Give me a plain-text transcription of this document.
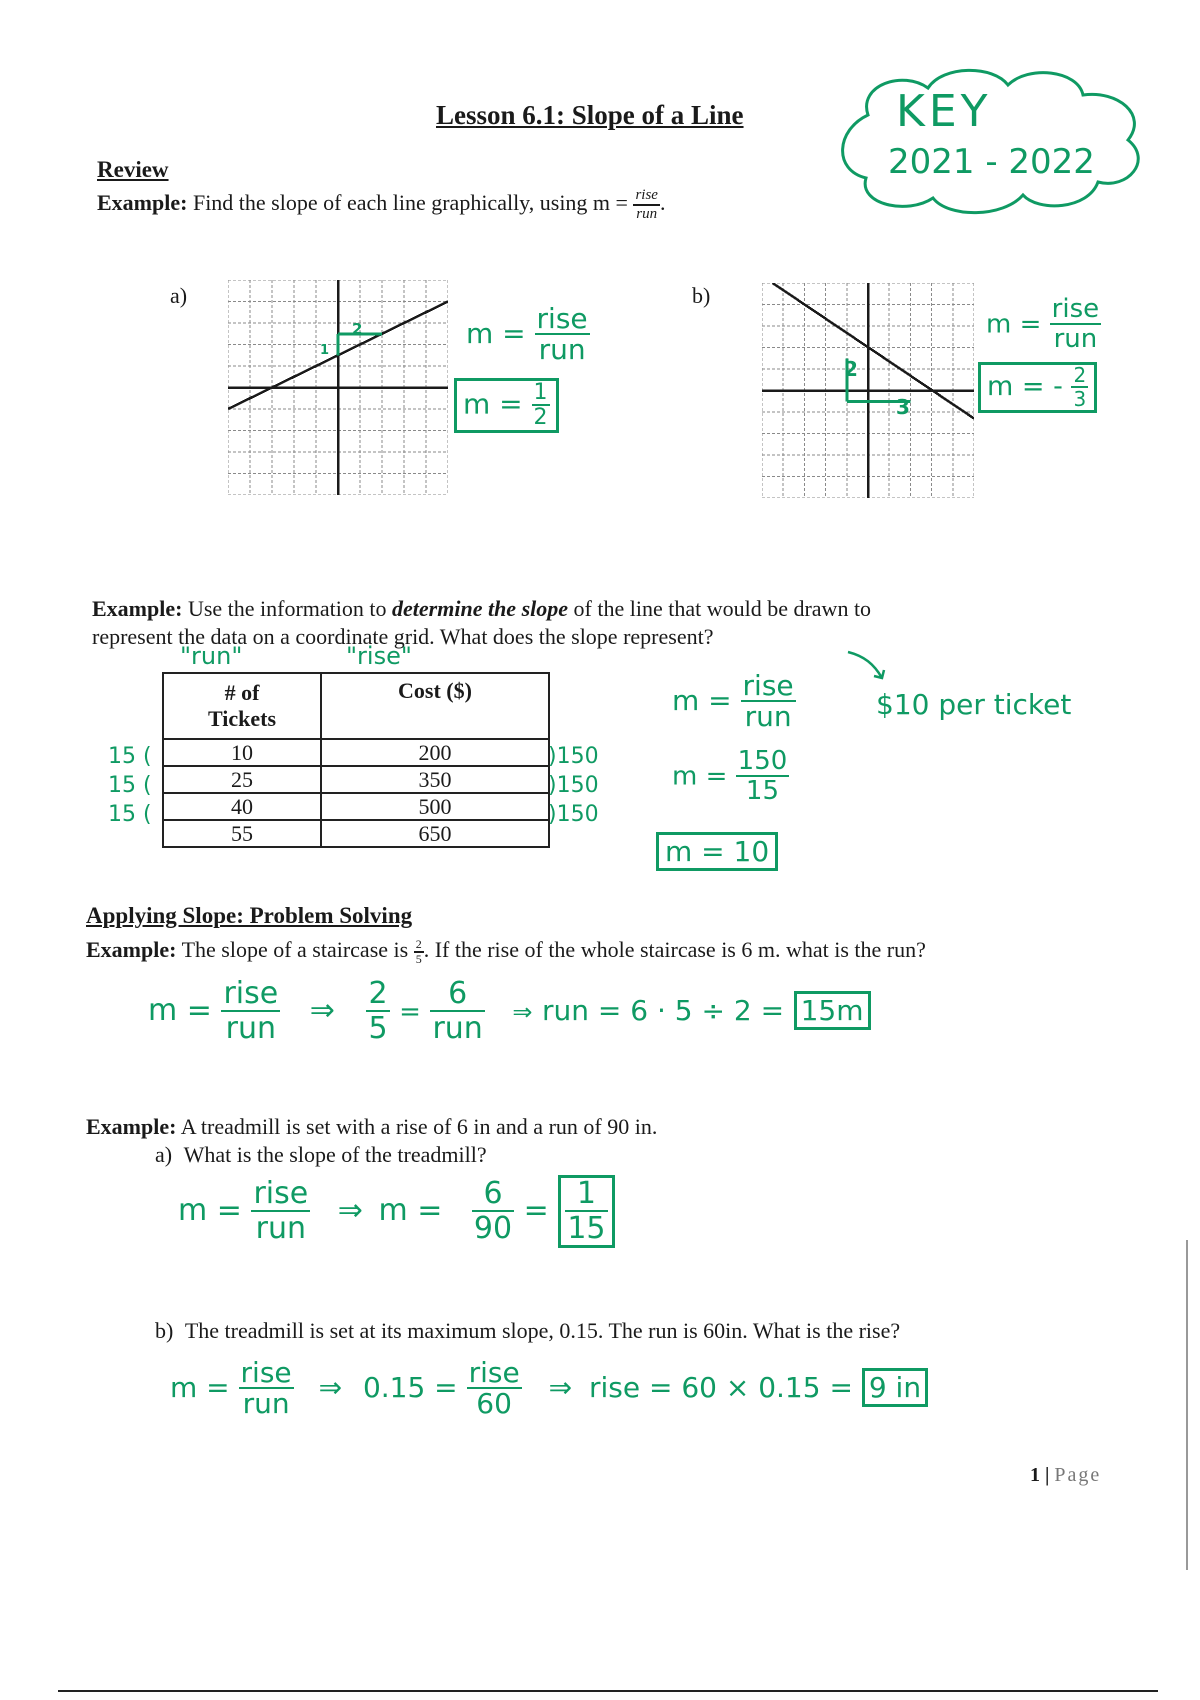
Lesson 6.1: Slope of a Line	KEY
2021 - 2022
Review
Example: Find the slope of each line graphically, using $m = \frac{\text{rise}}{\text{run}}$ .
a)
2
1
$m = \frac{\text{rise}}{\text{run}}$
$m = \frac{1}{2}$
b)
2
3
$m = \frac{\text{rise}}{\text{run}}$
m = - $\frac{2}{3}$
Example: Use the information to determine the slope of the line that would be drawn to
represent the data on a coordinate grid. What does the slope represent?
"run"	"rise"
# of
Tickets	Cost ($)
10	200
25	350
40	500
55	650
15 (
15 (
15 (
)150
)150
)150
$m = \frac{\text{rise}}{\text{run}}$	$10 per ticket
$m = \frac{150}{15}$
m = 10
Applying Slope: Problem Solving
Example: The slope of a staircase is $\frac{2}{5}$ . If the rise of the whole staircase is 6 m. what is the run?
$m = \frac{\text{rise}}{\text{run}}$ ⇒ $\frac{2}{5} = \frac{6}{\text{run}}$ ⇒ run = 6 · 5 ÷ 2 = 15m
Example: A treadmill is set with a rise of 6 in and a run of 90 in.
a) What is the slope of the treadmill?
$m = \frac{\text{rise}}{\text{run}}$ ⇒ $m = \frac{6}{90} = \frac{1}{15}$
b) The treadmill is set at its maximum slope, 0.15. The run is 60in. What is the rise?
$m = \frac{\text{rise}}{\text{run}}$ ⇒ $0.15 = \frac{\text{rise}}{60}$ ⇒ rise = 60 × 0.15 = 9 in
1 | Page
